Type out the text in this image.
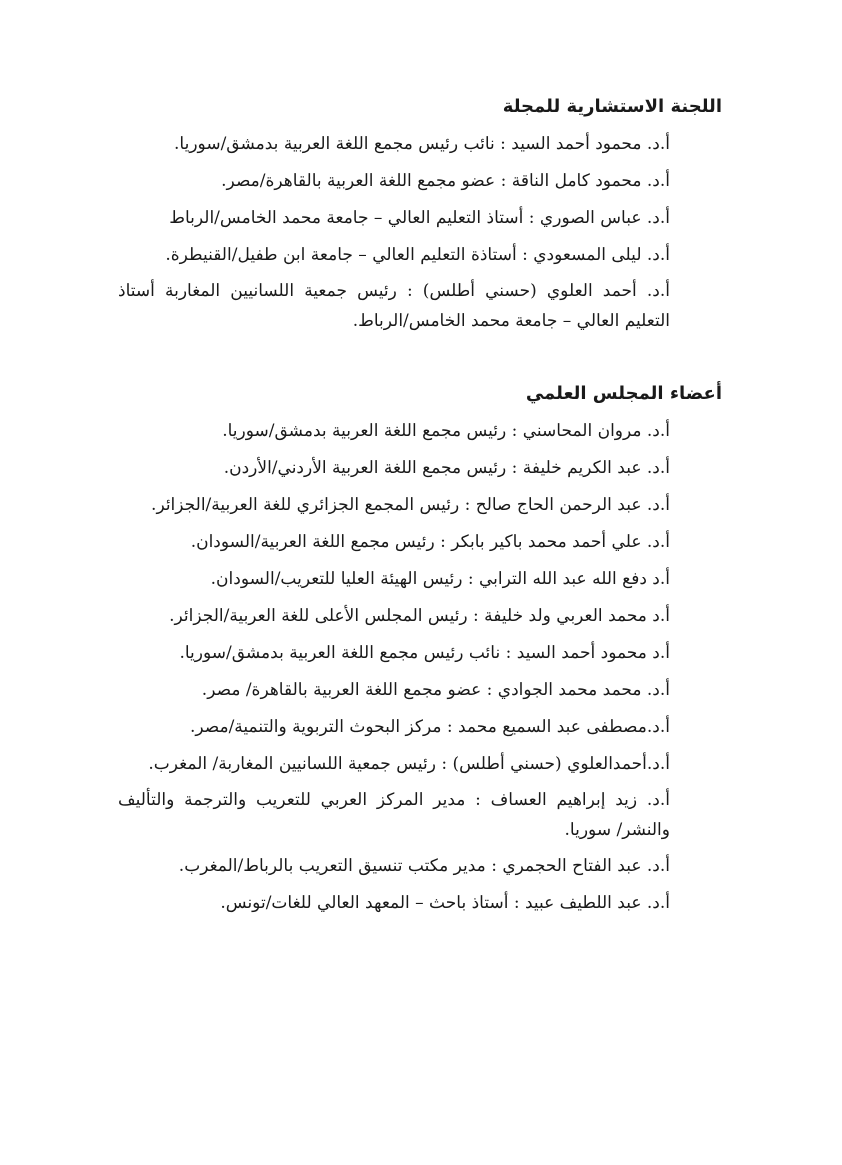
اللجنة الاستشارية للمجلة
أ.د. محمود أحمد السيد : نائب رئيس مجمع اللغة العربية بدمشق/سوريا.
أ.د. محمود كامل الناقة : عضو مجمع اللغة العربية بالقاهرة/مصر.
أ.د. عباس الصوري : أستاذ التعليم العالي – جامعة محمد الخامس/الرباط
أ.د. ليلى المسعودي : أستاذة التعليم العالي – جامعة ابن طفيل/القنيطرة.
أ.د. أحمد العلوي (حسني أطلس) : رئيس جمعية اللسانيين المغاربة أستاذ التعليم العالي – جامعة محمد الخامس/الرباط.
أعضاء المجلس العلمي
أ.د. مروان المحاسني : رئيس مجمع اللغة العربية بدمشق/سوريا.
أ.د. عبد الكريم خليفة : رئيس مجمع اللغة العربية الأردني/الأردن.
أ.د. عبد الرحمن الحاج صالح : رئيس المجمع الجزائري للغة العربية/الجزائر.
أ.د. علي أحمد محمد باكير بابكر : رئيس مجمع اللغة العربية/السودان.
أ.د دفع الله عبد الله الترابي : رئيس الهيئة العليا للتعريب/السودان.
أ.د محمد العربي ولد خليفة : رئيس المجلس الأعلى للغة العربية/الجزائر.
أ.د محمود أحمد السيد : نائب رئيس مجمع اللغة العربية بدمشق/سوريا.
أ.د. محمد محمد الجوادي : عضو مجمع اللغة العربية بالقاهرة/ مصر.
أ.د.مصطفى عبد السميع محمد : مركز البحوث التربوية والتنمية/مصر.
أ.د.أحمدالعلوي (حسني أطلس) : رئيس جمعية اللسانيين المغاربة/ المغرب.
أ.د. زيد إبراهيم العساف : مدير المركز العربي للتعريب والترجمة والتأليف والنشر/ سوريا.
أ.د. عبد الفتاح الحجمري : مدير مكتب تنسيق التعريب بالرباط/المغرب.
أ.د. عبد اللطيف عبيد : أستاذ باحث – المعهد العالي للغات/تونس.
